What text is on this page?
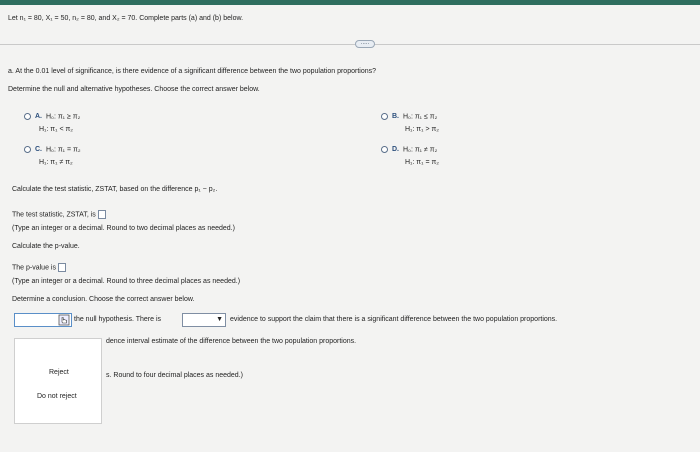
Let n₁ = 80, X₁ = 50, n₂ = 80, and X₂ = 70. Complete parts (a) and (b) below.
.....
a. At the 0.01 level of significance, is there evidence of a significant difference between the two population proportions?
Determine the null and alternative hypotheses. Choose the correct answer below.
A. H₀: π₁ ≥ π₂
H₁: π₁ < π₂
B. H₀: π₁ ≤ π₂
H₁: π₁ > π₂
C. H₀: π₁ = π₂
H₁: π₁ ≠ π₂
D. H₀: π₁ ≠ π₂
H₁: π₁ = π₂
Calculate the test statistic, ZSTAT, based on the difference p₁ − p₂.
The test statistic, ZSTAT, is
(Type an integer or a decimal. Round to two decimal places as needed.)
Calculate the p-value.
The p-value is
(Type an integer or a decimal. Round to three decimal places as needed.)
Determine a conclusion. Choose the correct answer below.
the null hypothesis. There is	▼ evidence to support the claim that there is a significant difference between the two population proportions.
dence interval estimate of the difference between the two population proportions.
s. Round to four decimal places as needed.)
Reject
Do not reject
